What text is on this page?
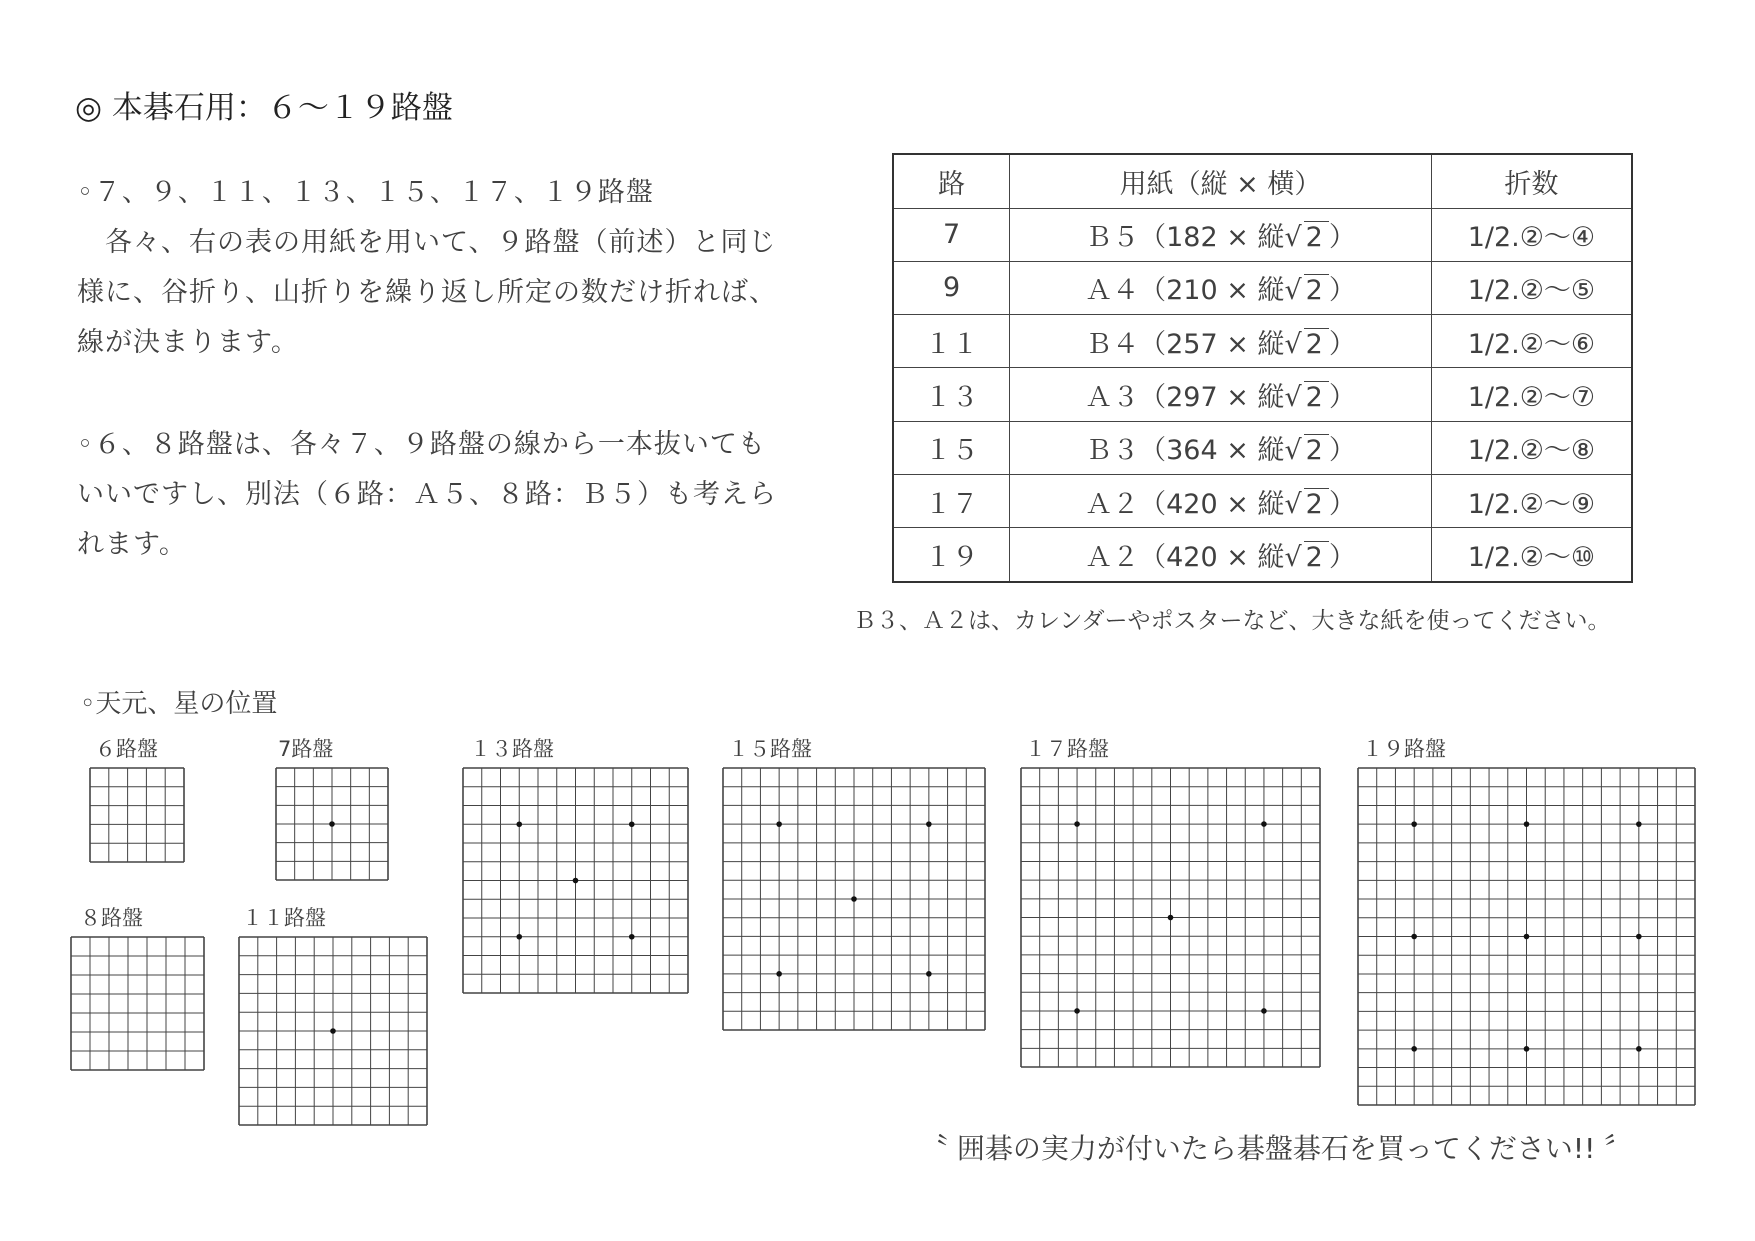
◎ 本碁石用：６〜１９路盤
◦７、９、１１、１３、１５、１７、１９路盤
　各々、右の表の用紙を用いて、９路盤（前述）と同じ
様に、谷折り、山折りを繰り返し所定の数だけ折れば、
線が決まります。
◦６、８路盤は、各々７、９路盤の線から一本抜いても
いいですし、別法（６路：Ａ５、８路：Ｂ５）も考えら
れます。
路	用紙（縦 × 横）	折数
7	Ｂ５（182 × 縦√ 2 ）	1/2.②〜④
9	Ａ４（210 × 縦√ 2 ）	1/2.②〜⑤
１１	Ｂ４（257 × 縦√ 2 ）	1/2.②〜⑥
１３	Ａ３（297 × 縦√ 2 ）	1/2.②〜⑦
１５	Ｂ３（364 × 縦√ 2 ）	1/2.②〜⑧
１７	Ａ２（420 × 縦√ 2 ）	1/2.②〜⑨
１９	Ａ２（420 × 縦√ 2 ）	1/2.②〜⑩
Ｂ３、Ａ２は、カレンダーやポスターなど、大きな紙を使ってください。
◦天元、星の位置
６路盤	7路盤
８路盤	１１路盤
１３路盤	１５路盤	１７路盤	１９路盤
〝 囲碁の実力が付いたら碁盤碁石を買ってください!! 〞
